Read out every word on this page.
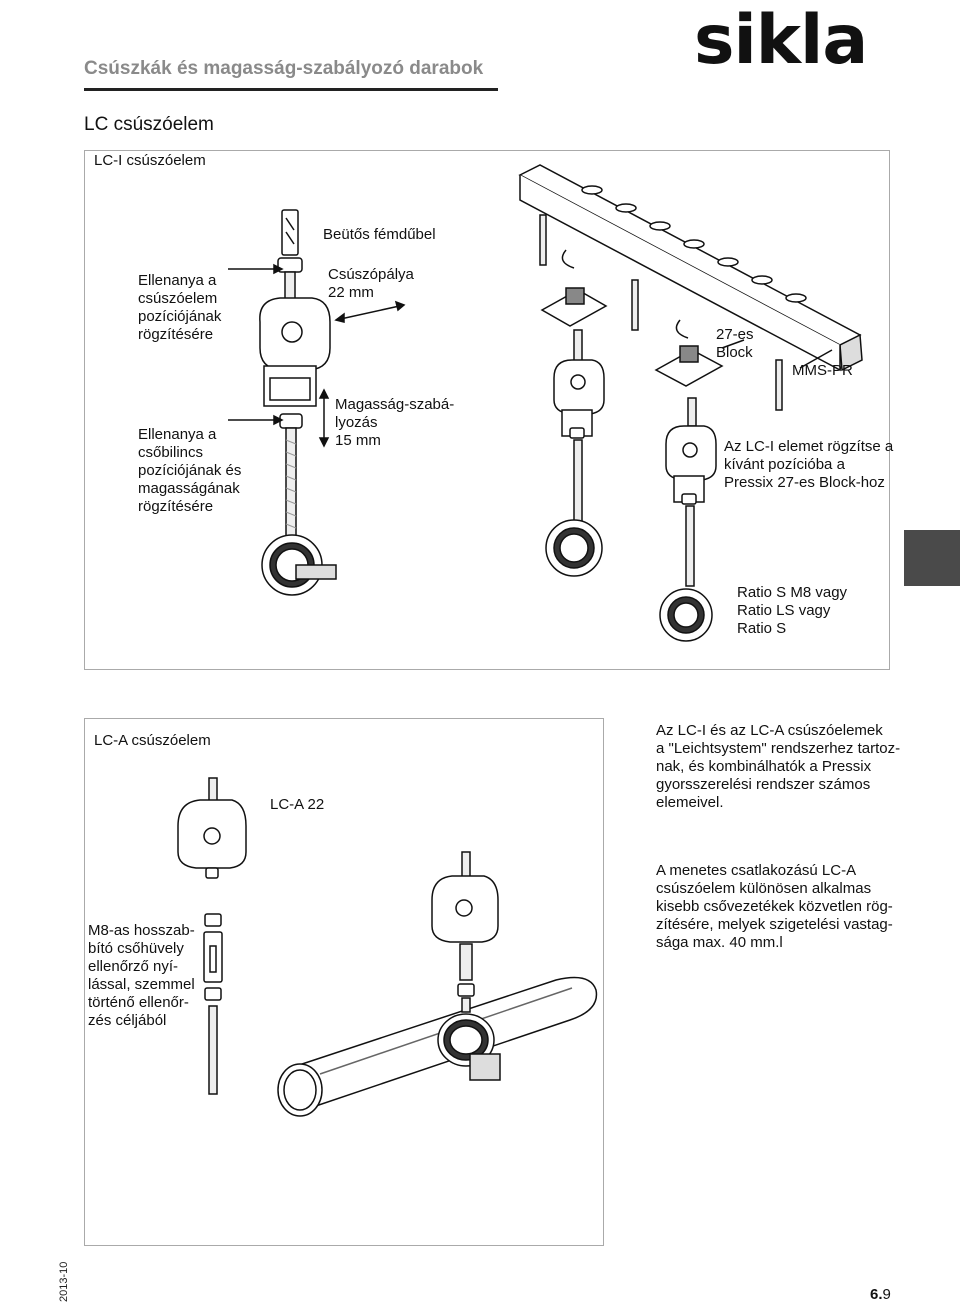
Csúszkák és magasság-szabályozó darabok	sikla
LC csúszóelem
LC-I csúszóelem
Beütős fémdűbel
Ellenanya a
csúszóelem
pozíciójának
rögzítésére
Csúszópálya
22 mm
Ellenanya a
csőbilincs
pozíciójának és
magasságának
rögzítésére
Magasság-szabá-
lyozás
15 mm
27-es
Block
MMS-PR
Az LC-I elemet rögzítse a
kívánt pozícióba a
Pressix 27-es Block-hoz
Ratio S M8 vagy
Ratio LS vagy
Ratio S
LC-A csúszóelem
LC-A 22
M8-as hosszab-
bító csőhüvely
ellenőrző nyí-
lással, szemmel
történő ellenőr-
zés céljából
Az LC-I és az LC-A csúszóelemek
a "Leichtsystem" rendszerhez tartoz-
nak, és kombinálhatók a Pressix
gyorsszerelési rendszer számos
elemeivel.
A menetes csatlakozású LC-A
csúszóelem különösen alkalmas
kisebb csővezetékek közvetlen rög-
zítésére, melyek szigetelési vastag-
sága max. 40 mm.l
2013-10	6.9
